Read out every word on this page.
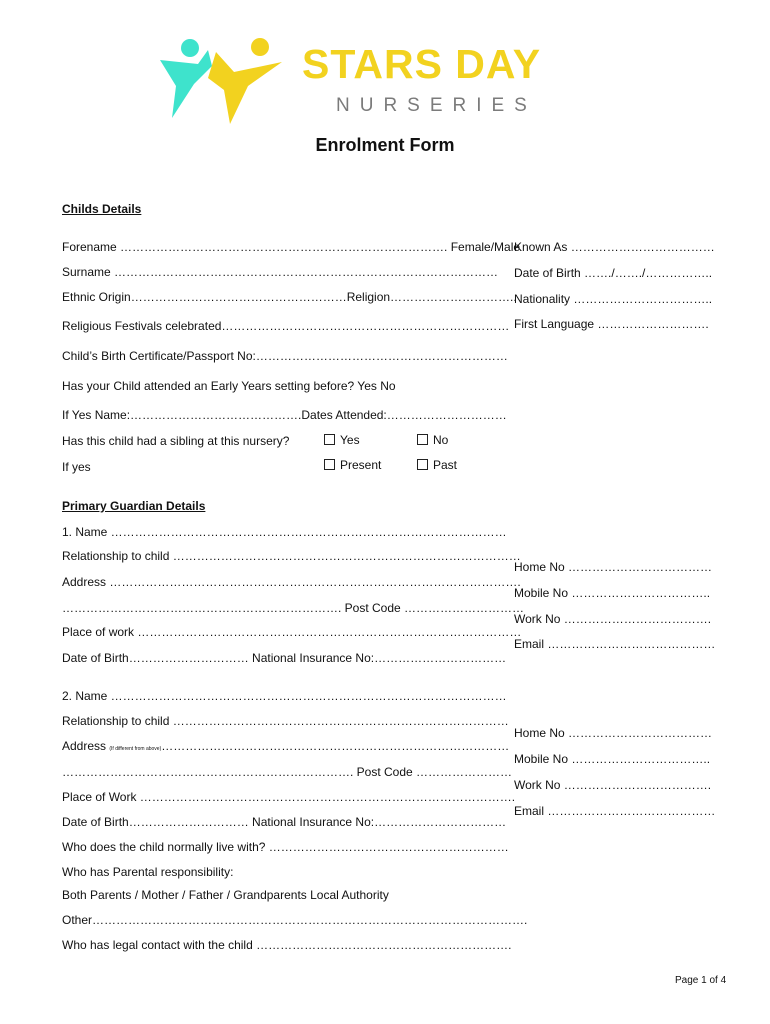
STARS DAY
NURSERIES
Enrolment Form
Childs Details
Forename ………………………………………………………………………. Female/Male
Known As ………………………………
Surname …………………………………………………………………………………… Date of Birth ……./……./……………..
Ethnic Origin………………………………………………Religion…………………………..
Nationality ……………………………..
Religious Festivals celebrated……………………………………………………………… First Language ……………………….
Child’s Birth Certificate/Passport No:………………………………………………………
Has your Child attended an Early Years setting before? Yes No
If Yes Name:…………………………………….Dates Attended:…………………………
Has this child had a sibling at this nursery?	Yes	No
If yes	Present	Past
Primary Guardian Details
1. Name ………………………………………………………………………………………
Relationship to child ……………………………………………………………………………
Home No ………………………………
Address ………………………………………………………………………………………….
Mobile No ……………………………..
……………………………………………………………. Post Code …………………………
Work No ……………………………….
Place of work ……………………………………………………………………………………
Email ……………………………………
Date of Birth………………………… National Insurance No:……………………………
2. Name ………………………………………………………………………………………
Relationship to child …………………………………………………………………………
Home No ………………………………
Address (If different from above)……………………………………………………………………………
Mobile No ……………………………..
………………………………………………………………. Post Code ……………………
Work No ……………………………….
Place of Work ………………………………………………………………………………….
Email ……………………………………
Date of Birth………………………… National Insurance No:……………………………
Who does the child normally live with? ……………………………………………………
Who has Parental responsibility:
Both Parents / Mother / Father / Grandparents Local Authority
Other……………………………………………………………………………………………….
Who has legal contact with the child ……………………………………………………….
Page 1 of 4
